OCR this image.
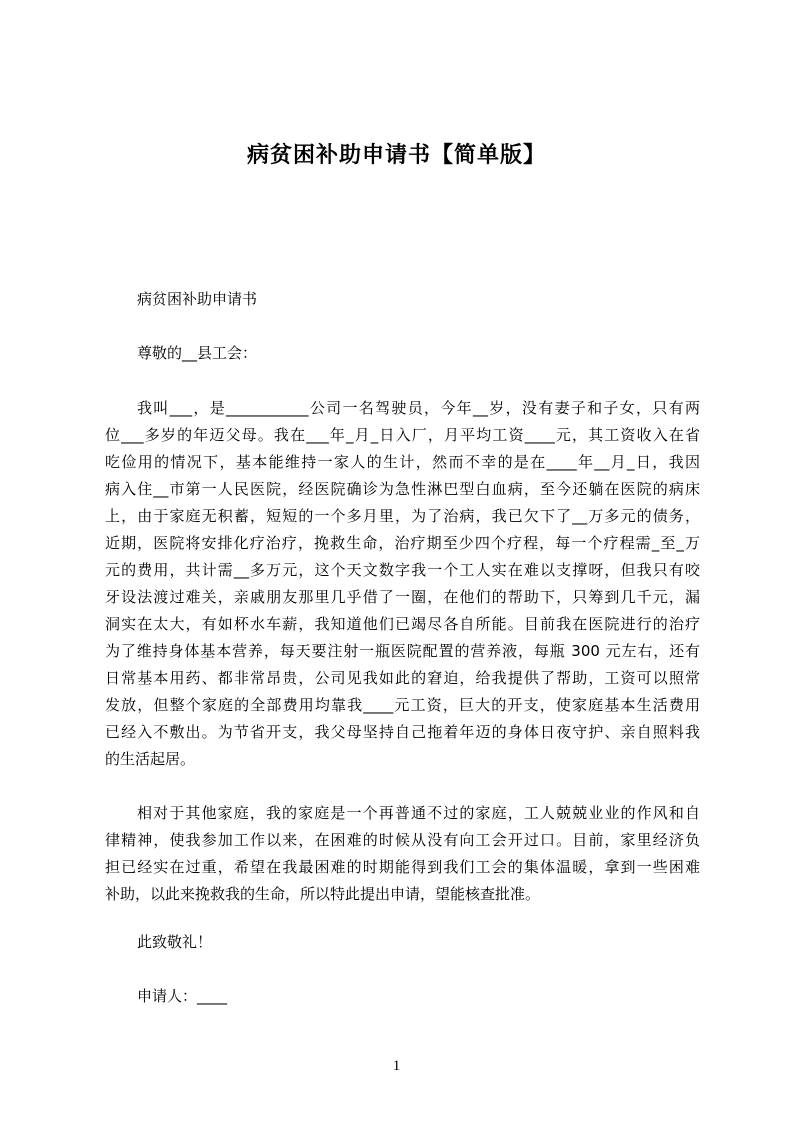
病贫困补助申请书【简单版】
病贫困补助申请书
尊敬的__县工会：
我叫___，是___________公司一名驾驶员，今年__岁，没有妻子和子女，只有两
位___多岁的年迈父母。我在___年_月_日入厂，月平均工资____元，其工资收入在省
吃俭用的情况下，基本能维持一家人的生计，然而不幸的是在____年__月_日，我因
病入住__市第一人民医院，经医院确诊为急性淋巴型白血病，至今还躺在医院的病床
上，由于家庭无积蓄，短短的一个多月里，为了治病，我已欠下了__万多元的债务，
近期，医院将安排化疗治疗，挽救生命，治疗期至少四个疗程，每一个疗程需_至_万
元的费用，共计需__多万元，这个天文数字我一个工人实在难以支撑呀，但我只有咬
牙设法渡过难关，亲戚朋友那里几乎借了一圈，在他们的帮助下，只筹到几千元，漏
洞实在太大，有如杯水车薪，我知道他们已竭尽各自所能。目前我在医院进行的治疗
为了维持身体基本营养，每天要注射一瓶医院配置的营养液，每瓶 300 元左右，还有
日常基本用药、都非常昂贵，公司见我如此的窘迫，给我提供了帮助，工资可以照常
发放，但整个家庭的全部费用均靠我____元工资，巨大的开支，使家庭基本生活费用
已经入不敷出。为节省开支，我父母坚持自己拖着年迈的身体日夜守护、亲自照料我
的生活起居。
相对于其他家庭，我的家庭是一个再普通不过的家庭，工人兢兢业业的作风和自
律精神，使我参加工作以来，在困难的时候从没有向工会开过口。目前，家里经济负
担已经实在过重，希望在我最困难的时期能得到我们工会的集体温暖，拿到一些困难
补助，以此来挽救我的生命，所以特此提出申请，望能核查批准。
此致敬礼！
申请人：____
1
